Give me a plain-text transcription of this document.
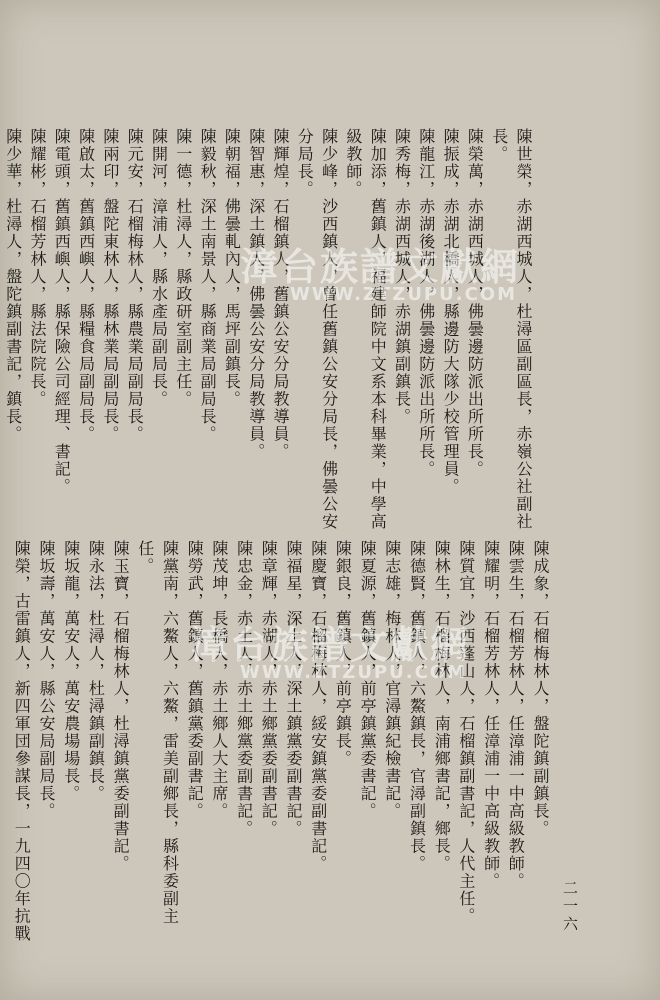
陳世榮，赤湖西城人，杜潯區副區長，赤嶺公社副社
長。
陳榮萬，赤湖西城人，佛曇邊防派出所所長。
陳振成，赤湖北橋人，縣邊防大隊少校管理員。
陳龍江，赤湖後湖人，佛曇邊防派出所所長。
陳秀梅，赤湖西城人，赤湖鎮副鎮長。
陳加添，舊鎮人，福建師院中文系本科畢業，中學高
級教師。
陳少峰，沙西鎮人，曾任舊鎮公安分局長，佛曇公安
分局長。
陳輝煌，石榴鎮人，舊鎮公安分局教導員。
陳智惠，深土鎮人，佛曇公安分局教導員。
陳朝福，佛曇軋內人，馬坪副鎮長。
陳毅秋，深土南景人，縣商業局副局長。
陳一德，杜潯人，縣政研室副主任。
陳開河，漳浦人，縣水產局副局長。
陳元安，石榴梅林人，縣農業局副局長。
陳兩印，盤陀東林人，縣林業局副局長。
陳啟太，舊鎮西嶼人，縣糧食局副局長。
陳電頭，舊鎮西嶼人，縣保險公司經理、書記。
陳耀彬，石榴芳林人，縣法院院長。
陳少華，杜潯人，盤陀鎮副書記，鎮長。
陳成象，石榴梅林人，盤陀鎮副鎮長。
陳雲生，石榴芳林人，任漳浦一中高級教師。
陳耀明，石榴芳林人，任漳浦一中高級教師。
陳質宜，沙西蓬山人，石榴鎮副書記，人代主任。
陳林生，石榴梅林人，南浦鄉書記，鄉長。
陳德賢，舊鎮人，六鰲鎮長，官潯副鎮長。
陳志雄，梅林人，官潯鎮紀檢書記。
陳夏源，舊鎮人，前亭鎮黨委書記。
陳銀良，舊鎮人，前亭鎮長。
陳慶寶，石榴梅林人，綏安鎮黨委副書記。
陳福星，深土人，深土鎮黨委副書記。
陳章輝，赤湖人，赤土鄉黨委副書記。
陳忠金，赤土人，赤土鄉黨委副書記。
陳茂坤，長橋人，赤土鄉人大主席。
陳勞武，舊鎮人，舊鎮黨委副書記。
陳黨南，六鰲人，六鰲，雷美副鄉長，縣科委副主
任。
陳玉寶，石榴梅林人，杜潯鎮黨委副書記。
陳永法，杜潯人，杜潯鎮副鎮長。
陳坂龍，萬安人，萬安農場場長。
陳坂壽，萬安人，縣公安局副局長。
陳榮，古雷鎮人，新四軍団參謀長，一九四〇年抗戰
漳台族譜文獻網
WWW.ZTZUPU.COM
漳台族譜文獻網
WWW.ZTZUPU.COM
二一六
